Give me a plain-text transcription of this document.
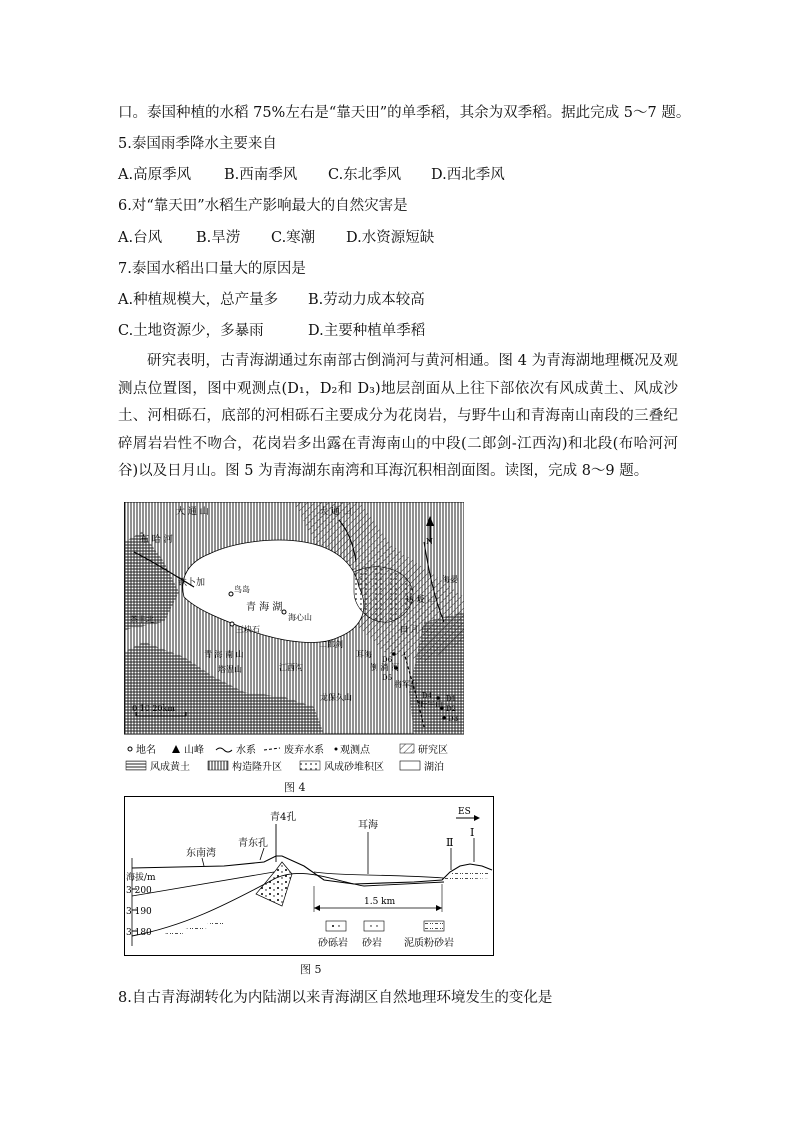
口。泰国种植的水稻 75%左右是“靠天田”的单季稻，其余为双季稻。据此完成 5～7 题。
5.泰国雨季降水主要来自
A.高原季风 B.西南季风 C.东北季风 D.西北季风
6.对“靠天田”水稻生产影响最大的自然灾害是
A.台风 B.旱涝 C.寒潮 D.水资源短缺
7.泰国水稻出口量大的原因是
A.种植规模大，总产量多 B.劳动力成本较高
C.土地资源少，多暴雨	D.主要种植单季稻
研究表明，古青海湖通过东南部古倒淌河与黄河相通。图 4 为青海湖地理概况及观测点位置图，图中观测点(D₁，D₂和 D₃)地层剖面从上往下部依次有风成黄土、风成沙土、河相砾石，底部的河相砾石主要成分为花岗岩，与野牛山和青海南山南段的三叠纪碎屑岩岩性不吻合，花岗岩多出露在青海南山的中段(二郎剑-江西沟)和北段(布哈河河谷)以及日月山。图 5 为青海湖东南湾和耳海沉积相剖面图。读图，完成 8～9 题。
大 通 山	大 通 山
布 哈 河
铁卜加
鸟岛
青 海 湖
海心山
三块石
茶卡北山
青 海 南 山
塔温山	江西沟
二郎剑
耳海
倒 淌 河
日 月 山
海晏
达 坂 山
将军台
野牛山
龙保久山
N
0 10 20km
D1
D2
D3
D4
D5
D6
地名	山峰	水系	废弃水系 观测点	研究区
风成黄土	构造隆升区	风成砂堆积区	湖泊
图 4
青4孔
东南湾
青东孔
耳海
ES
Ⅱ
Ⅰ
海拔/m
3 200
3 190
3 180
1.5 km
砂砾岩 砂岩 泥质粉砂岩
图 5
8.自古青海湖转化为内陆湖以来青海湖区自然地理环境发生的变化是
